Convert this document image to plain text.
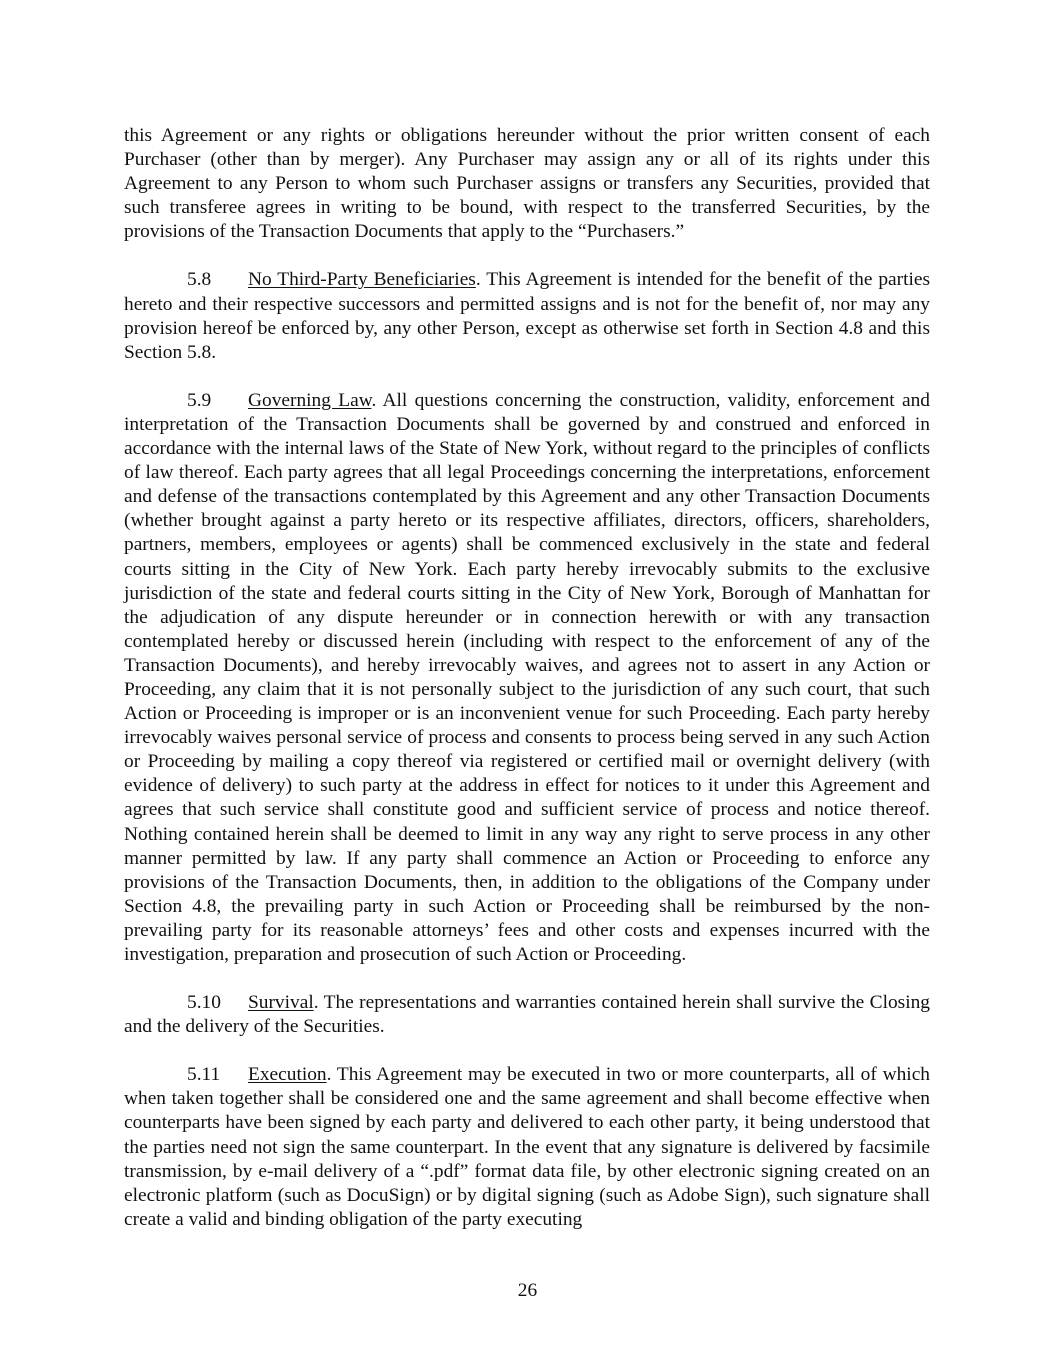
this Agreement or any rights or obligations hereunder without the prior written consent of each Purchaser (other than by merger). Any Purchaser may assign any or all of its rights under this Agreement to any Person to whom such Purchaser assigns or transfers any Securities, provided that such transferee agrees in writing to be bound, with respect to the transferred Securities, by the provisions of the Transaction Documents that apply to the “Purchasers.”

5.8 No Third-Party Beneficiaries. This Agreement is intended for the benefit of the parties hereto and their respective successors and permitted assigns and is not for the benefit of, nor may any provision hereof be enforced by, any other Person, except as otherwise set forth in Section 4.8 and this Section 5.8.

5.9 Governing Law. All questions concerning the construction, validity, enforcement and interpretation of the Transaction Documents shall be governed by and construed and enforced in accordance with the internal laws of the State of New York, without regard to the principles of conflicts of law thereof. Each party agrees that all legal Proceedings concerning the interpretations, enforcement and defense of the transactions contemplated by this Agreement and any other Transaction Documents (whether brought against a party hereto or its respective affiliates, directors, officers, shareholders, partners, members, employees or agents) shall be commenced exclusively in the state and federal courts sitting in the City of New York. Each party hereby irrevocably submits to the exclusive jurisdiction of the state and federal courts sitting in the City of New York, Borough of Manhattan for the adjudication of any dispute hereunder or in connection herewith or with any transaction contemplated hereby or discussed herein (including with respect to the enforcement of any of the Transaction Documents), and hereby irrevocably waives, and agrees not to assert in any Action or Proceeding, any claim that it is not personally subject to the jurisdiction of any such court, that such Action or Proceeding is improper or is an inconvenient venue for such Proceeding. Each party hereby irrevocably waives personal service of process and consents to process being served in any such Action or Proceeding by mailing a copy thereof via registered or certified mail or overnight delivery (with evidence of delivery) to such party at the address in effect for notices to it under this Agreement and agrees that such service shall constitute good and sufficient service of process and notice thereof. Nothing contained herein shall be deemed to limit in any way any right to serve process in any other manner permitted by law. If any party shall commence an Action or Proceeding to enforce any provisions of the Transaction Documents, then, in addition to the obligations of the Company under Section 4.8, the prevailing party in such Action or Proceeding shall be reimbursed by the non-prevailing party for its reasonable attorneys’ fees and other costs and expenses incurred with the investigation, preparation and prosecution of such Action or Proceeding.

5.10 Survival. The representations and warranties contained herein shall survive the Closing and the delivery of the Securities.

5.11 Execution. This Agreement may be executed in two or more counterparts, all of which when taken together shall be considered one and the same agreement and shall become effective when counterparts have been signed by each party and delivered to each other party, it being understood that the parties need not sign the same counterpart. In the event that any signature is delivered by facsimile transmission, by e-mail delivery of a “.pdf” format data file, by other electronic signing created on an electronic platform (such as DocuSign) or by digital signing (such as Adobe Sign), such signature shall create a valid and binding obligation of the party executing

26
